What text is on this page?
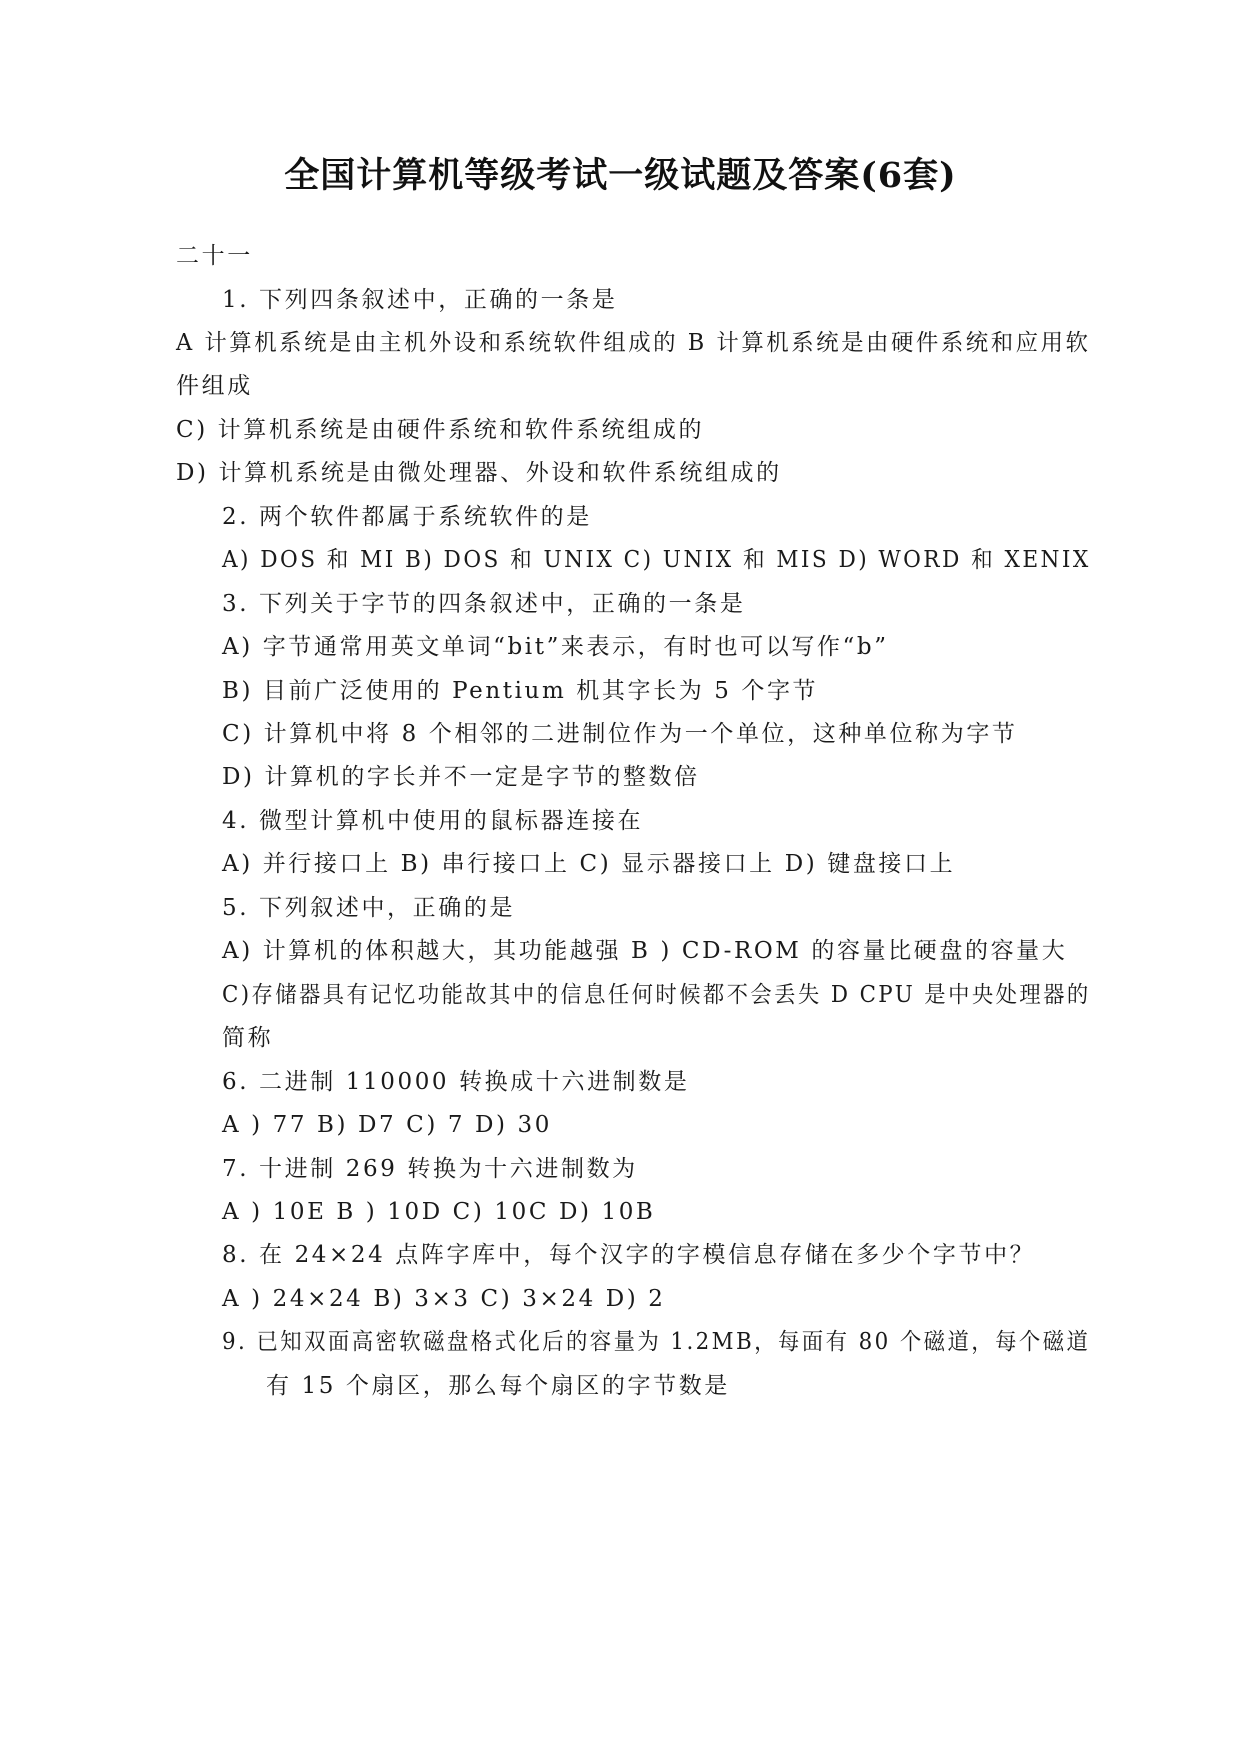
全国计算机等级考试一级试题及答案(6套)
二十一
1. 下列四条叙述中，正确的一条是
A 计算机系统是由主机外设和系统软件组成的 B 计算机系统是由硬件系统和应用软
件组成
C) 计算机系统是由硬件系统和软件系统组成的
D) 计算机系统是由微处理器、外设和软件系统组成的
2. 两个软件都属于系统软件的是
A) DOS 和 MI B) DOS 和 UNIX C) UNIX 和 MIS D) WORD 和 XENIX
3. 下列关于字节的四条叙述中，正确的一条是
A) 字节通常用英文单词“bit”来表示，有时也可以写作“b”
B) 目前广泛使用的 Pentium 机其字长为 5 个字节
C) 计算机中将 8 个相邻的二进制位作为一个单位，这种单位称为字节
D) 计算机的字长并不一定是字节的整数倍
4. 微型计算机中使用的鼠标器连接在
A) 并行接口上 B) 串行接口上 C) 显示器接口上 D) 键盘接口上
5. 下列叙述中，正确的是
A) 计算机的体积越大，其功能越强 B ) CD-ROM 的容量比硬盘的容量大
C)存储器具有记忆功能故其中的信息任何时候都不会丢失 D CPU 是中央处理器的
简称
6. 二进制 110000 转换成十六进制数是
A ) 77 B) D7 C) 7 D) 30
7. 十进制 269 转换为十六进制数为
A ) 10E B ) 10D C) 10C D) 10B
8. 在 24×24 点阵字库中，每个汉字的字模信息存储在多少个字节中？
A ) 24×24 B) 3×3 C) 3×24 D) 2
9. 已知双面高密软磁盘格式化后的容量为 1.2MB，每面有 80 个磁道，每个磁道
有 15 个扇区，那么每个扇区的字节数是
